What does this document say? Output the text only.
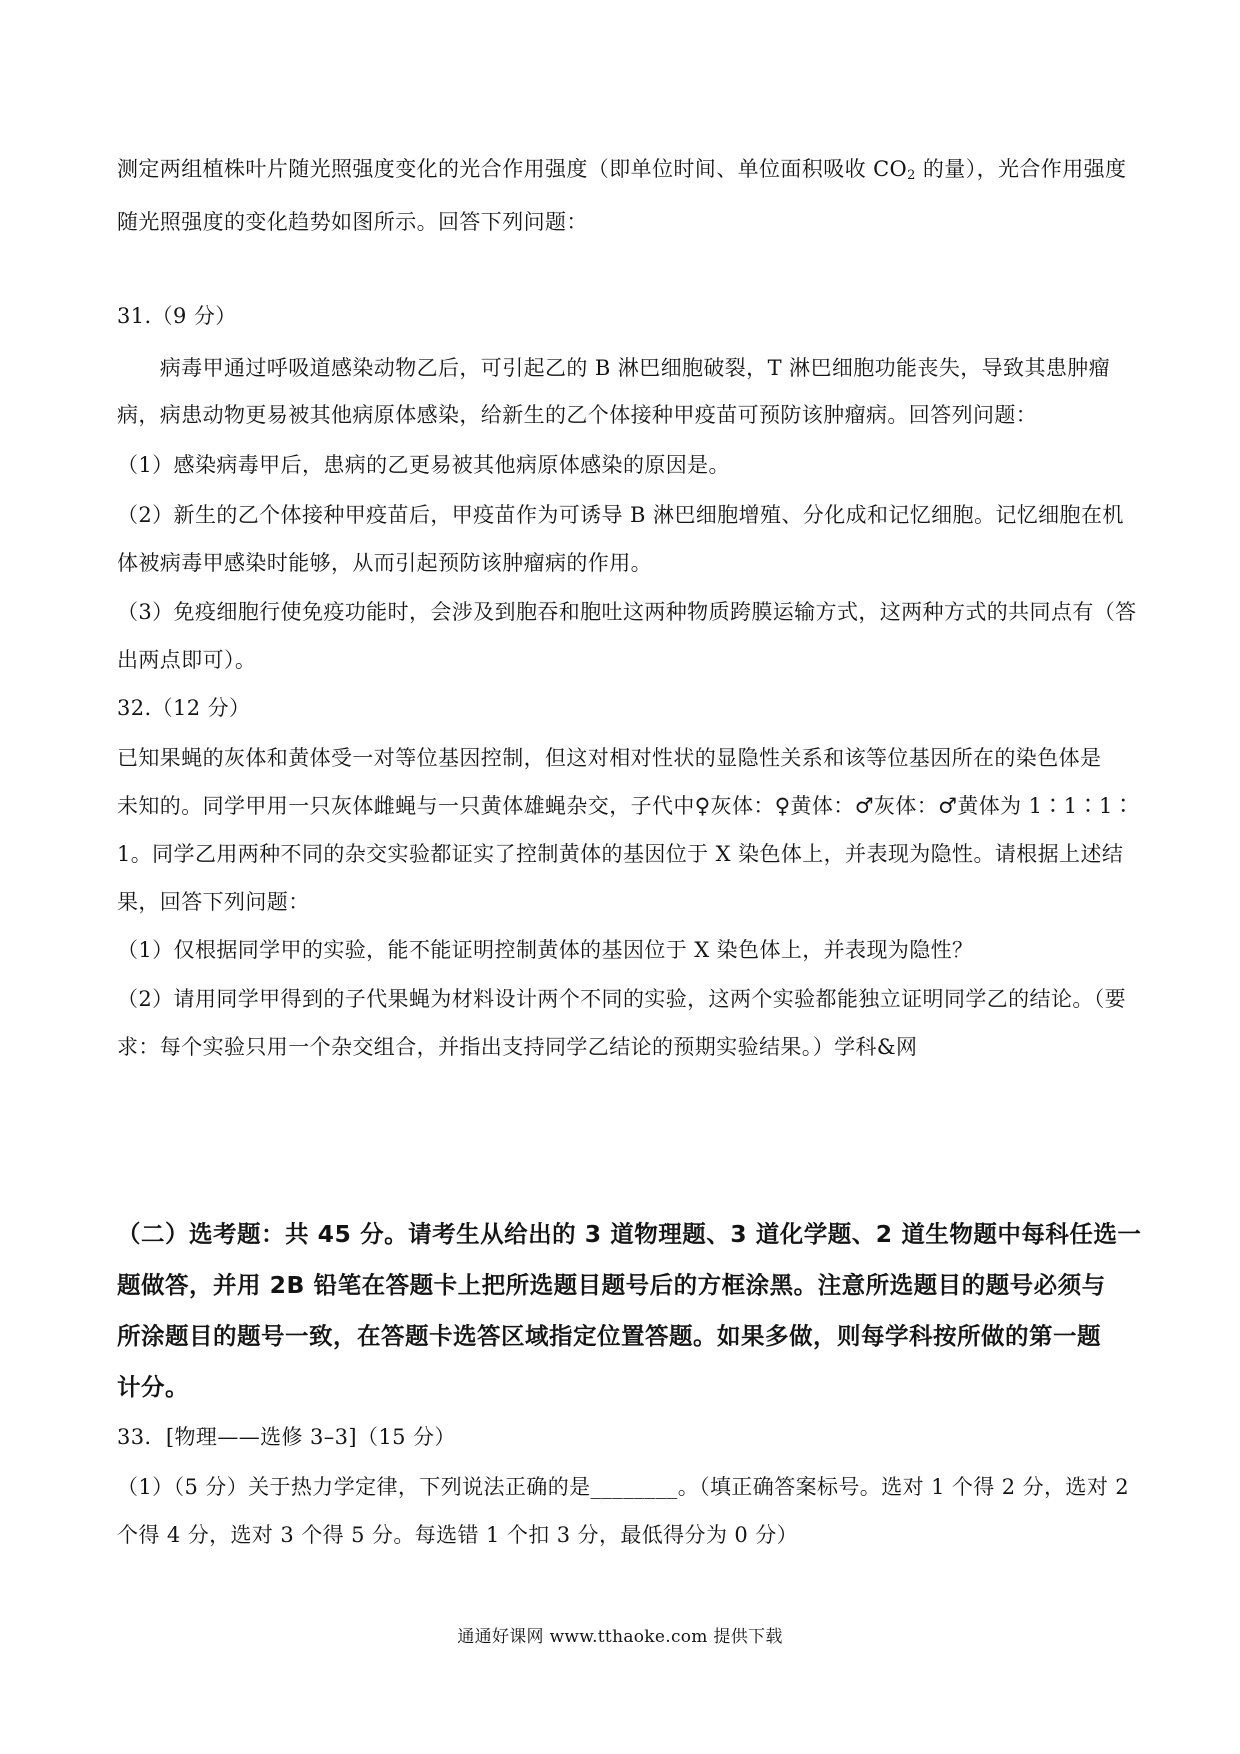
测定两组植株叶片随光照强度变化的光合作用强度（即单位时间、单位面积吸收 $CO_2$ 的量），光合作用强度
随光照强度的变化趋势如图所示。回答下列问题：
31.（9 分）
　　病毒甲通过呼吸道感染动物乙后，可引起乙的 B 淋巴细胞破裂，T 淋巴细胞功能丧失，导致其患肿瘤
病，病患动物更易被其他病原体感染，给新生的乙个体接种甲疫苗可预防该肿瘤病。回答列问题：
（1）感染病毒甲后，患病的乙更易被其他病原体感染的原因是。
（2）新生的乙个体接种甲疫苗后，甲疫苗作为可诱导 B 淋巴细胞增殖、分化成和记忆细胞。记忆细胞在机
体被病毒甲感染时能够，从而引起预防该肿瘤病的作用。
（3）免疫细胞行使免疫功能时，会涉及到胞吞和胞吐这两种物质跨膜运输方式，这两种方式的共同点有（答
出两点即可）。
32.（12 分）
已知果蝇的灰体和黄体受一对等位基因控制，但这对相对性状的显隐性关系和该等位基因所在的染色体是
未知的。同学甲用一只灰体雌蝇与一只黄体雄蝇杂交，子代中♀灰体：♀黄体：♂灰体：♂黄体为 1∶1∶1∶
1。同学乙用两种不同的杂交实验都证实了控制黄体的基因位于 X 染色体上，并表现为隐性。请根据上述结
果，回答下列问题：
（1）仅根据同学甲的实验，能不能证明控制黄体的基因位于 X 染色体上，并表现为隐性？
（2）请用同学甲得到的子代果蝇为材料设计两个不同的实验，这两个实验都能独立证明同学乙的结论。（要
求：每个实验只用一个杂交组合，并指出支持同学乙结论的预期实验结果。）学科&网
（二）选考题：共 45 分。请考生从给出的 3 道物理题、3 道化学题、2 道生物题中每科任选一
题做答，并用 2B 铅笔在答题卡上把所选题目题号后的方框涂黑。注意所选题目的题号必须与
所涂题目的题号一致，在答题卡选答区域指定位置答题。如果多做，则每学科按所做的第一题
计分。
33．[物理——选修 3–3]（15 分）
（1）（5 分）关于热力学定律，下列说法正确的是________。（填正确答案标号。选对 1 个得 2 分，选对 2
个得 4 分，选对 3 个得 5 分。每选错 1 个扣 3 分，最低得分为 0 分）
通通好课网 www.tthaoke.com 提供下载
